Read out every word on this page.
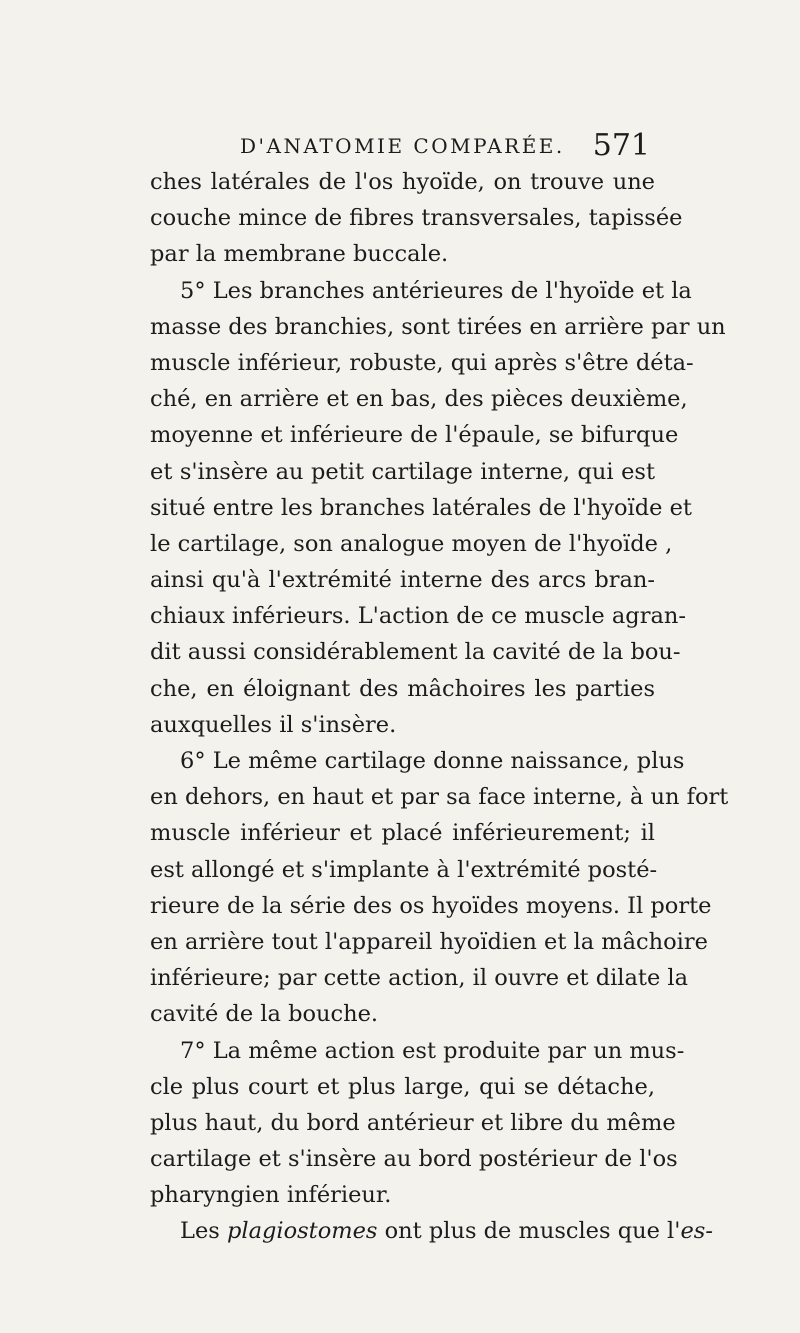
D'ANATOMIE COMPARÉE. 571
ches latérales de l'os hyoïde, on trouve une
couche mince de fibres transversales, tapissée
par la membrane buccale.
5° Les branches antérieures de l'hyoïde et la
masse des branchies, sont tirées en arrière par un
muscle inférieur, robuste, qui après s'être déta-
ché, en arrière et en bas, des pièces deuxième,
moyenne et inférieure de l'épaule, se bifurque
et s'insère au petit cartilage interne, qui est
situé entre les branches latérales de l'hyoïde et
le cartilage, son analogue moyen de l'hyoïde ,
ainsi qu'à l'extrémité interne des arcs bran-
chiaux inférieurs. L'action de ce muscle agran-
dit aussi considérablement la cavité de la bou-
che, en éloignant des mâchoires les parties
auxquelles il s'insère.
6° Le même cartilage donne naissance, plus
en dehors, en haut et par sa face interne, à un fort
muscle inférieur et placé inférieurement; il
est allongé et s'implante à l'extrémité posté-
rieure de la série des os hyoïdes moyens. Il porte
en arrière tout l'appareil hyoïdien et la mâchoire
inférieure; par cette action, il ouvre et dilate la
cavité de la bouche.
7° La même action est produite par un mus-
cle plus court et plus large, qui se détache,
plus haut, du bord antérieur et libre du même
cartilage et s'insère au bord postérieur de l'os
pharyngien inférieur.
Les plagiostomes ont plus de muscles que l'es-
